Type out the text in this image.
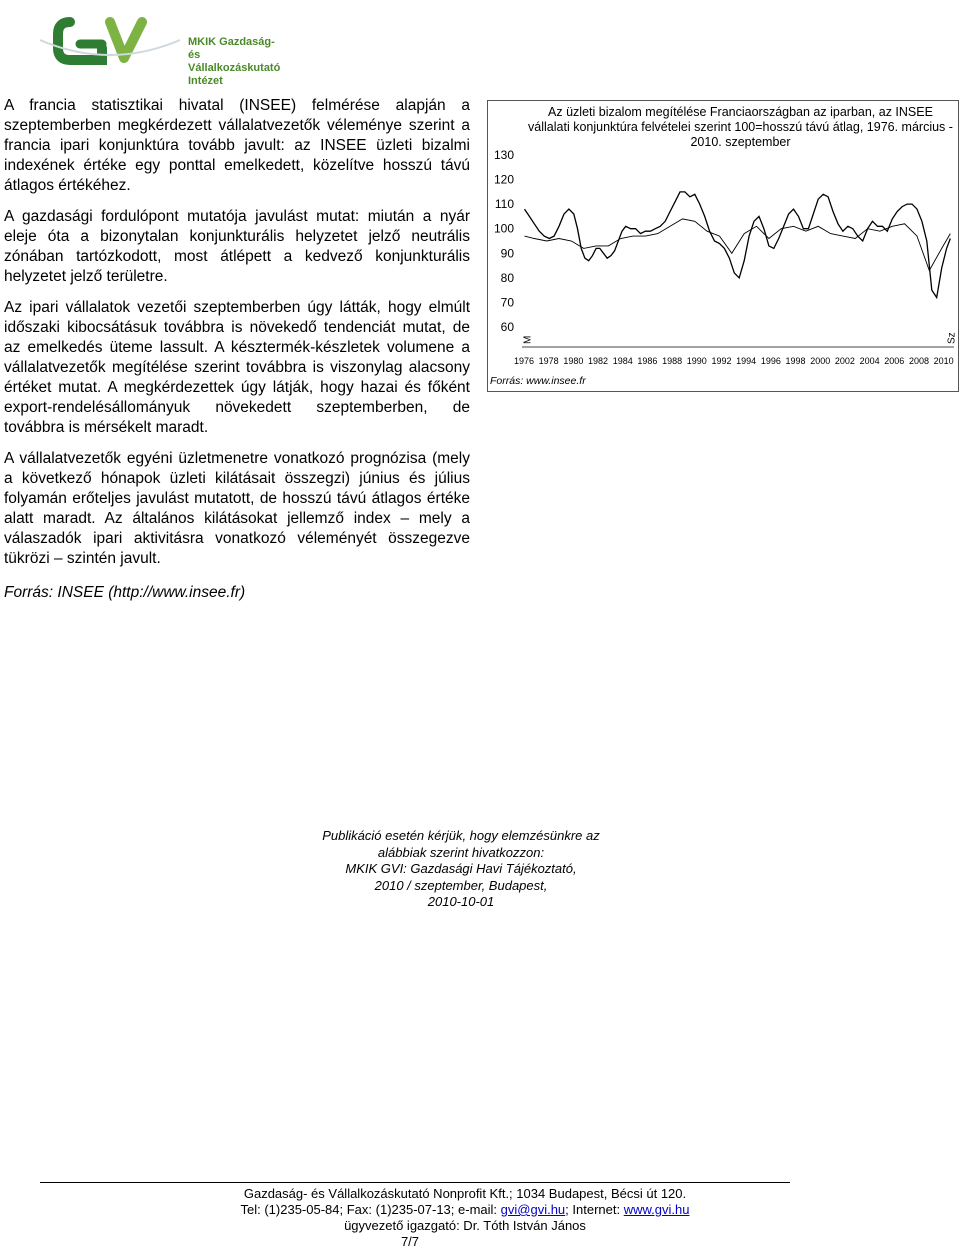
MKIK Gazdaság- és
Vállalkozáskutató Intézet

A francia statisztikai hivatal (INSEE) felmérése alapján a szeptemberben megkérdezett vállalatvezetők véleménye szerint a francia ipari konjunktúra tovább javult: az INSEE üzleti bizalmi indexének értéke egy ponttal emelkedett, közelítve hosszú távú átlagos értékéhez.

A gazdasági fordulópont mutatója javulást mutat: miután a nyár eleje óta a bizonytalan konjunkturális helyzetet jelző neutrális zónában tartózkodott, most átlépett a kedvező konjunkturális helyzetet jelző területre.

Az ipari vállalatok vezetői szeptemberben úgy látták, hogy elmúlt időszaki kibocsátásuk továbbra is növekedő tendenciát mutat, de az emelkedés üteme lassult. A késztermék-készletek volumene a vállalatvezetők megítélése szerint továbbra is viszonylag alacsony értéket mutat. A megkérdezettek úgy látják, hogy hazai és főként export-rendelésállományuk növekedett szeptemberben, de továbbra is mérsékelt maradt.

A vállalatvezetők egyéni üzletmenetre vonatkozó prognózisa (mely a következő hónapok üzleti kilátásait összegzi) június és július folyamán erőteljes javulást mutatott, de hosszú távú átlagos értéke alatt maradt. Az általános kilátásokat jellemző index – mely a válaszadók ipari aktivitásra vonatkozó véleményét összegezve tükrözi – szintén javult.

Forrás: INSEE (http://www.insee.fr)

130
120
110
100
90
80
70
60
1976 1978 1980 1982 1984 1986 1988 1990 1992 1994 1996 1998 2000 2002 2004 2006 2008 2010
M	Sz
Az üzleti bizalom megítélése Franciaországban az iparban, az INSEE vállalati konjunktúra felvételei szerint 100=hosszú távú átlag, 1976. március - 2010. szeptember
Forrás: www.insee.fr
Publikáció esetén kérjük, hogy elemzésünkre az
alábbiak szerint hivatkozzon:
MKIK GVI: Gazdasági Havi Tájékoztató,
2010 / szeptember, Budapest,
2010-10-01
Gazdaság- és Vállalkozáskutató Nonprofit Kft.; 1034 Budapest, Bécsi út 120.
Tel: (1)235-05-84; Fax: (1)235-07-13; e-mail: gvi@gvi.hu; Internet: www.gvi.hu
ügyvezető igazgató: Dr. Tóth István János
7/7
